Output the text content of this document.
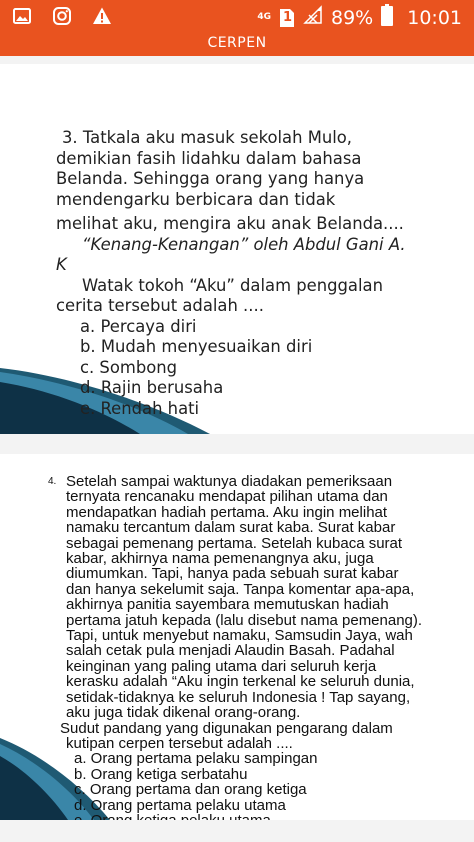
4G 1 89% 10:01
CERPEN
3. Tatkala aku masuk sekolah Mulo,
demikian fasih lidahku dalam bahasa
Belanda. Sehingga orang yang hanya
mendengarku berbicara dan tidak
melihat aku, mengira aku anak Belanda....
“Kenang-Kenangan” oleh Abdul Gani A.
K
Watak tokoh “Aku” dalam penggalan
cerita tersebut adalah ....
a. Percaya diri
b. Mudah menyesuaikan diri
c. Sombong
d. Rajin berusaha
e. Rendah hati
4. Setelah sampai waktunya diadakan pemeriksaan
ternyata rencanaku mendapat pilihan utama dan
mendapatkan hadiah pertama. Aku ingin melihat
namaku tercantum dalam surat kaba. Surat kabar
sebagai pemenang pertama. Setelah kubaca surat
kabar, akhirnya nama pemenangnya aku, juga
diumumkan. Tapi, hanya pada sebuah surat kabar
dan hanya sekelumit saja. Tanpa komentar apa-apa,
akhirnya panitia sayembara memutuskan hadiah
pertama jatuh kepada (lalu disebut nama pemenang).
Tapi, untuk menyebut namaku, Samsudin Jaya, wah
salah cetak pula menjadi Alaudin Basah. Padahal
keinginan yang paling utama dari seluruh kerja
kerasku adalah “Aku ingin terkenal ke seluruh dunia,
setidak-tidaknya ke seluruh Indonesia ! Tap sayang,
aku juga tidak dikenal orang-orang.
Sudut pandang yang digunakan pengarang dalam
kutipan cerpen tersebut adalah ....
a. Orang pertama pelaku sampingan
b. Orang ketiga serbatahu
c. Orang pertama dan orang ketiga
d. Orang pertama pelaku utama
